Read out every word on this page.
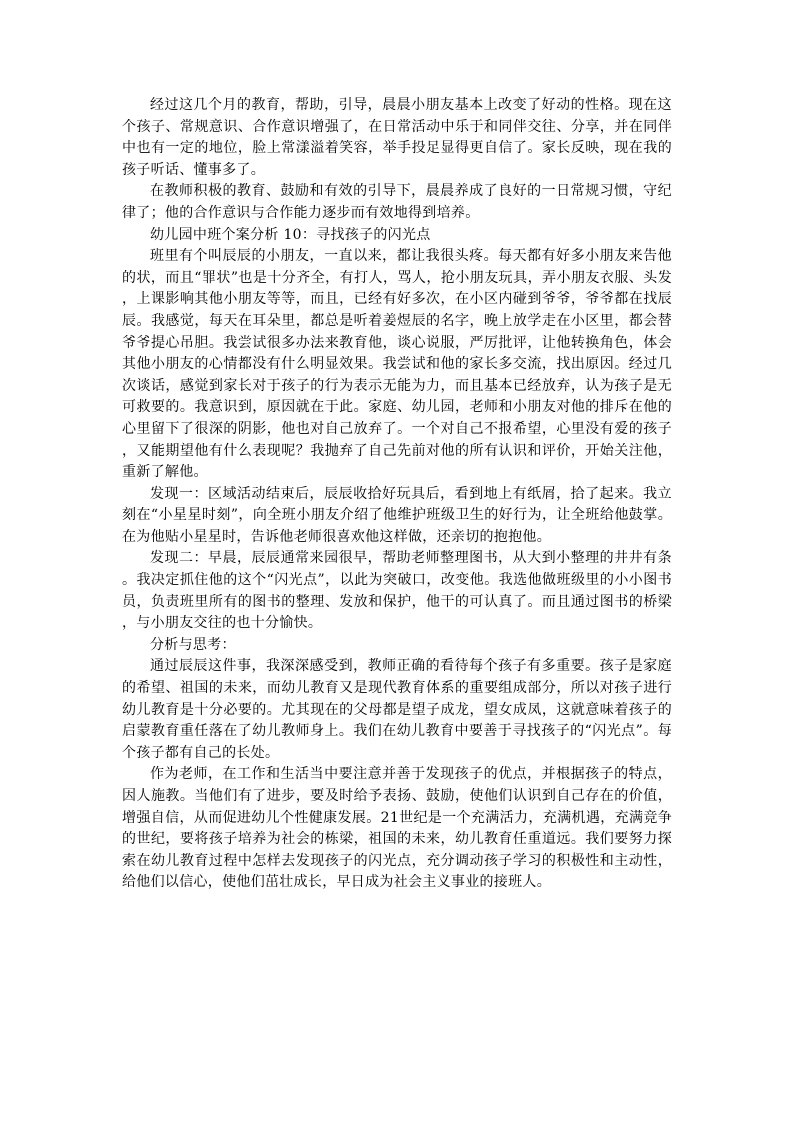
经过这几个月的教育，帮助，引导，晨晨小朋友基本上改变了好动的性格。现在这个孩子、常规意识、合作意识增强了，在日常活动中乐于和同伴交往、分享，并在同伴中也有一定的地位，脸上常漾溢着笑容，举手投足显得更自信了。家长反映，现在我的孩子听话、懂事多了。

在教师积极的教育、鼓励和有效的引导下，晨晨养成了良好的一日常规习惯，守纪律了；他的合作意识与合作能力逐步而有效地得到培养。

幼儿园中班个案分析 10：寻找孩子的闪光点

班里有个叫辰辰的小朋友，一直以来，都让我很头疼。每天都有好多小朋友来告他的状，而且“罪状”也是十分齐全，有打人，骂人，抢小朋友玩具，弄小朋友衣服、头发，上课影响其他小朋友等等，而且，已经有好多次，在小区内碰到爷爷，爷爷都在找辰辰。我感觉，每天在耳朵里，都总是听着姜煜辰的名字，晚上放学走在小区里，都会替爷爷提心吊胆。我尝试很多办法来教育他，谈心说服，严厉批评，让他转换角色，体会其他小朋友的心情都没有什么明显效果。我尝试和他的家长多交流，找出原因。经过几次谈话，感觉到家长对于孩子的行为表示无能为力，而且基本已经放弃，认为孩子是无可救要的。我意识到，原因就在于此。家庭、幼儿园，老师和小朋友对他的排斥在他的心里留下了很深的阴影，他也对自己放弃了。一个对自己不报希望，心里没有爱的孩子，又能期望他有什么表现呢？我抛弃了自己先前对他的所有认识和评价，开始关注他，重新了解他。

发现一：区域活动结束后，辰辰收拾好玩具后，看到地上有纸屑，拾了起来。我立刻在“小星星时刻”，向全班小朋友介绍了他维护班级卫生的好行为，让全班给他鼓掌。在为他贴小星星时，告诉他老师很喜欢他这样做，还亲切的抱抱他。

发现二：早晨，辰辰通常来园很早，帮助老师整理图书，从大到小整理的井井有条。我决定抓住他的这个“闪光点”，以此为突破口，改变他。我选他做班级里的小小图书员，负责班里所有的图书的整理、发放和保护，他干的可认真了。而且通过图书的桥梁，与小朋友交往的也十分愉快。

分析与思考：

通过辰辰这件事，我深深感受到，教师正确的看待每个孩子有多重要。孩子是家庭的希望、祖国的未来，而幼儿教育又是现代教育体系的重要组成部分，所以对孩子进行幼儿教育是十分必要的。尤其现在的父母都是望子成龙，望女成凤，这就意味着孩子的启蒙教育重任落在了幼儿教师身上。我们在幼儿教育中要善于寻找孩子的“闪光点”。每个孩子都有自己的长处。

作为老师，在工作和生活当中要注意并善于发现孩子的优点，并根据孩子的特点，因人施教。当他们有了进步，要及时给予表扬、鼓励，使他们认识到自己存在的价值，增强自信，从而促进幼儿个性健康发展。21世纪是一个充满活力，充满机遇，充满竞争的世纪，要将孩子培养为社会的栋梁，祖国的未来，幼儿教育任重道远。我们要努力探索在幼儿教育过程中怎样去发现孩子的闪光点，充分调动孩子学习的积极性和主动性，给他们以信心，使他们茁壮成长，早日成为社会主义事业的接班人。
